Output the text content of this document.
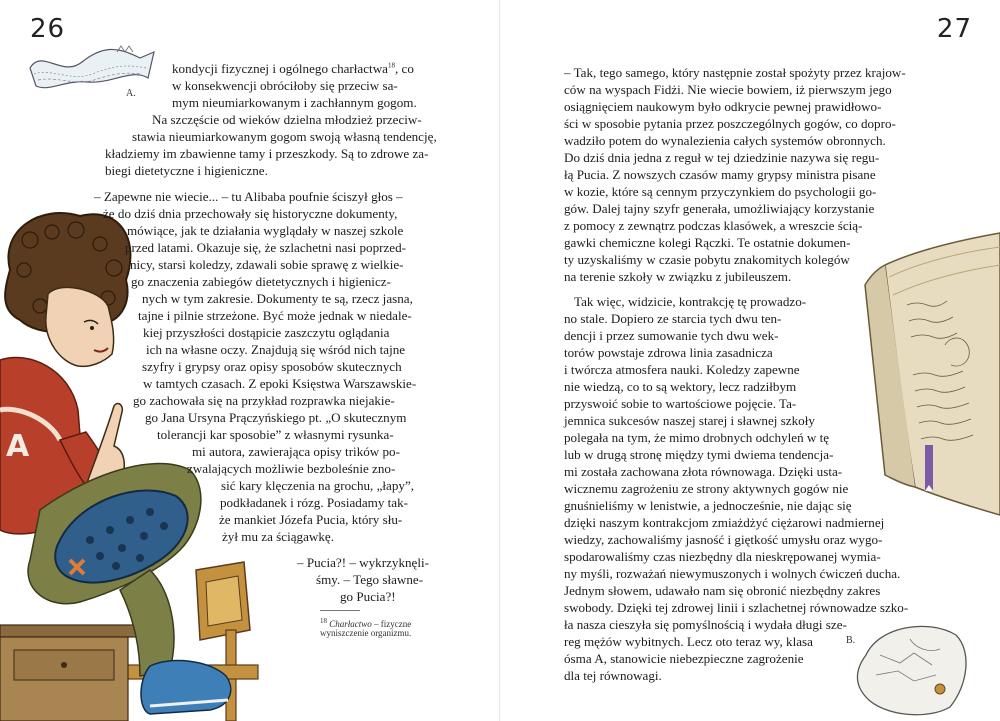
26
A.
A
kondycji fizycznej i ogólnego charłactwa$^{18}$, co
w konsekwencji obróciłoby się przeciw sa-
mym nieumiarkowanym i zachłannym gogom.
Na szczęście od wieków dzielna młodzież przeciw-
stawia nieumiarkowanym gogom swoją własną tendencję,
kładziemy im zbawienne tamy i przeszkody. Są to zdrowe za-
biegi dietetyczne i higieniczne.
– Zapewne nie wiecie... – tu Alibaba poufnie ściszył głos –
że do dziś dnia przechowały się historyczne dokumenty,
mówiące, jak te działania wyglądały w naszej szkole
przed latami. Okazuje się, że szlachetni nasi poprzed-
nicy, starsi koledzy, zdawali sobie sprawę z wielkie-
go znaczenia zabiegów dietetycznych i higienicz-
nych w tym zakresie. Dokumenty te są, rzecz jasna,
tajne i pilnie strzeżone. Być może jednak w niedale-
kiej przyszłości dostąpicie zaszczytu oglądania
ich na własne oczy. Znajdują się wśród nich tajne
szyfry i grypsy oraz opisy sposobów skutecznych
w tamtych czasach. Z epoki Księstwa Warszawskie-
go zachowała się na przykład rozprawka niejakie-
go Jana Ursyna Prączyńskiego pt. „O skutecznym
tolerancji kar sposobie” z własnymi rysunka-
mi autora, zawierająca opisy trików po-
zwalających możliwie bezboleśnie zno-
sić kary klęczenia na grochu, „łapy”,
podkładanek i rózg. Posiadamy tak-
że mankiet Józefa Pucia, który słu-
żył mu za ściągawkę.
– Pucia?! – wykrzyknęli-
śmy. – Tego sławne-
go Pucia?!
$^{18}$ Charłactwo – fizyczne
wyniszczenie organizmu.
27
B.
– Tak, tego samego, który następnie został spożyty przez krajow-
ców na wyspach Fidżi. Nie wiecie bowiem, iż pierwszym jego
osiągnięciem naukowym było odkrycie pewnej prawidłowo-
ści w sposobie pytania przez poszczególnych gogów, co dopro-
wadziło potem do wynalezienia całych systemów obronnych.
Do dziś dnia jedna z reguł w tej dziedzinie nazywa się regu-
łą Pucia. Z nowszych czasów mamy grypsy ministra pisane
w kozie, które są cennym przyczynkiem do psychologii go-
gów. Dalej tajny szyfr generała, umożliwiający korzystanie
z pomocy z zewnątrz podczas klasówek, a wreszcie ścią-
gawki chemiczne kolegi Rączki. Te ostatnie dokumen-
ty uzyskaliśmy w czasie pobytu znakomitych kolegów
na terenie szkoły w związku z jubileuszem.
Tak więc, widzicie, kontrakcję tę prowadzo-
no stale. Dopiero ze starcia tych dwu ten-
dencji i przez sumowanie tych dwu wek-
torów powstaje zdrowa linia zasadnicza
i twórcza atmosfera nauki. Koledzy zapewne
nie wiedzą, co to są wektory, lecz radziłbym
przyswoić sobie to wartościowe pojęcie. Ta-
jemnica sukcesów naszej starej i sławnej szkoły
polegała na tym, że mimo drobnych odchyleń w tę
lub w drugą stronę między tymi dwiema tendencja-
mi została zachowana złota równowaga. Dzięki usta-
wicznemu zagrożeniu ze strony aktywnych gogów nie
gnuśnieliśmy w lenistwie, a jednocześnie, nie dając się
dzięki naszym kontrakcjom zmiażdżyć ciężarowi nadmiernej
wiedzy, zachowaliśmy jasność i giętkość umysłu oraz wygo-
spodarowaliśmy czas niezbędny dla nieskrępowanej wymia-
ny myśli, rozważań niewymuszonych i wolnych ćwiczeń ducha.
Jednym słowem, udawało nam się obronić niezbędny zakres
swobody. Dzięki tej zdrowej linii i szlachetnej równowadze szko-
ła nasza cieszyła się pomyślnością i wydała długi sze-
reg mężów wybitnych. Lecz oto teraz wy, klasa
ósma A, stanowicie niebezpieczne zagrożenie
dla tej równowagi.
